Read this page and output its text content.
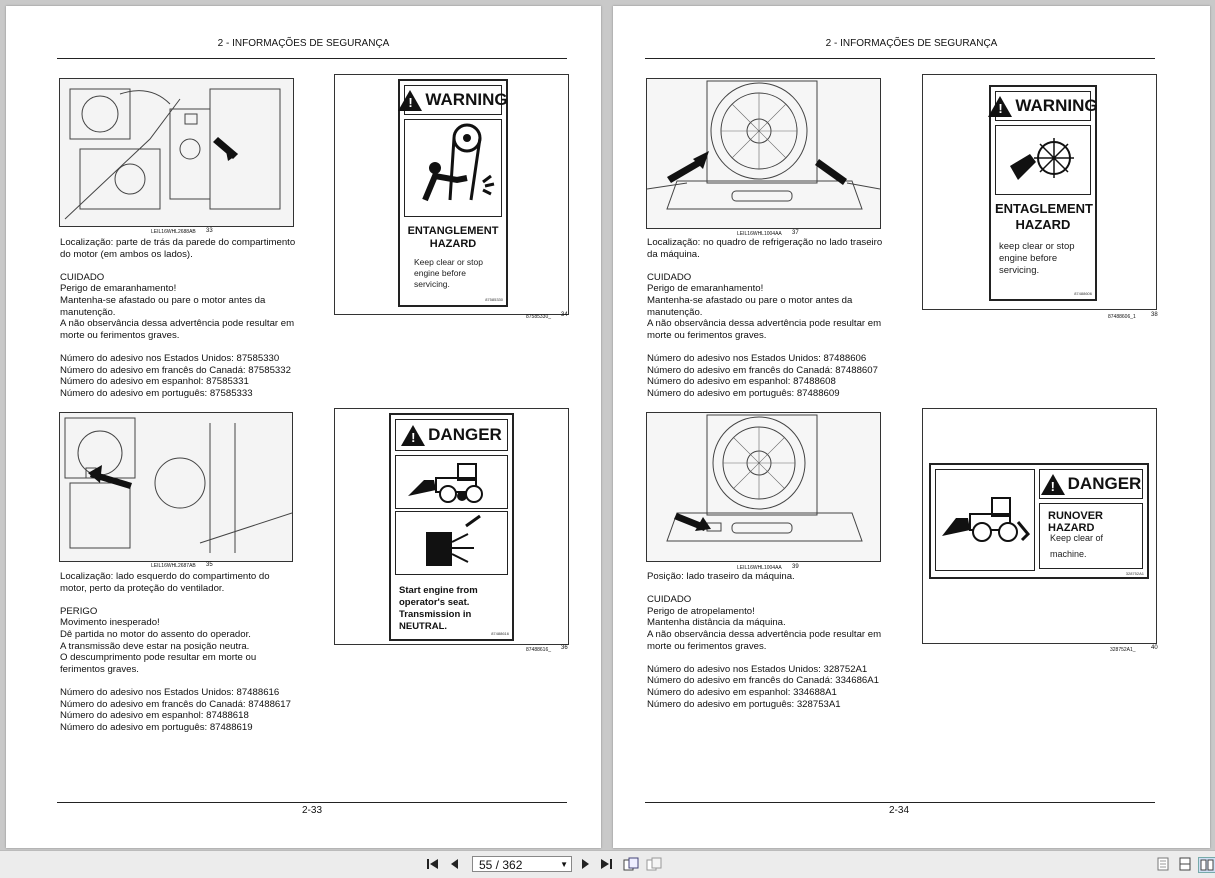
2 - INFORMAÇÕES DE SEGURANÇA
LEIL16WHL2688AB 33
! WARNING
ENTANGLEMENT HAZARD
Keep clear or stop engine before servicing.
87585330
87585330_ 34

Localização: parte de trás da parede do compartimento

do motor (em ambos os lados).

CUIDADO

Perigo de emaranhamento!

Mantenha-se afastado ou pare o motor antes da

manutenção.

A não observância dessa advertência pode resultar em

morte ou ferimentos graves.

Número do adesivo nos Estados Unidos: 87585330

Número do adesivo em francês do Canadá: 87585332

Número do adesivo em espanhol: 87585331

Número do adesivo em português: 87585333

LEIL16WHL2687AB 35
! DANGER
Start engine from operator's seat. Transmission in NEUTRAL.
87488616
87488616_ 36

Localização: lado esquerdo do compartimento do

motor, perto da proteção do ventilador.

PERIGO

Movimento inesperado!

Dê partida no motor do assento do operador.

A transmissão deve estar na posição neutra.

O descumprimento pode resultar em morte ou

ferimentos graves.

Número do adesivo nos Estados Unidos: 87488616

Número do adesivo em francês do Canadá: 87488617

Número do adesivo em espanhol: 87488618

Número do adesivo em português: 87488619

2-33
2 - INFORMAÇÕES DE SEGURANÇA
LEIL16WHL1004AA 37
! WARNING
ENTAGLEMENT HAZARD
keep clear or stop engine before servicing.
87488606
87488606_1	38

Localização: no quadro de refrigeração no lado traseiro

da máquina.

CUIDADO

Perigo de emaranhamento!

Mantenha-se afastado ou pare o motor antes da

manutenção.

A não observância dessa advertência pode resultar em

morte ou ferimentos graves.

Número do adesivo nos Estados Unidos: 87488606

Número do adesivo em francês do Canadá: 87488607

Número do adesivo em espanhol: 87488608

Número do adesivo em português: 87488609

LEIL16WHL1004AA 39
! DANGER
RUNOVER HAZARD
Keep clear of machine.
328752A1
328752A1_	40

Posição: lado traseiro da máquina.

CUIDADO

Perigo de atropelamento!

Mantenha distância da máquina.

A não observância dessa advertência pode resultar em

morte ou ferimentos graves.

Número do adesivo nos Estados Unidos: 328752A1

Número do adesivo em francês do Canadá: 334686A1

Número do adesivo em espanhol: 334688A1

Número do adesivo em português: 328753A1

2-34
55 / 362	▼
